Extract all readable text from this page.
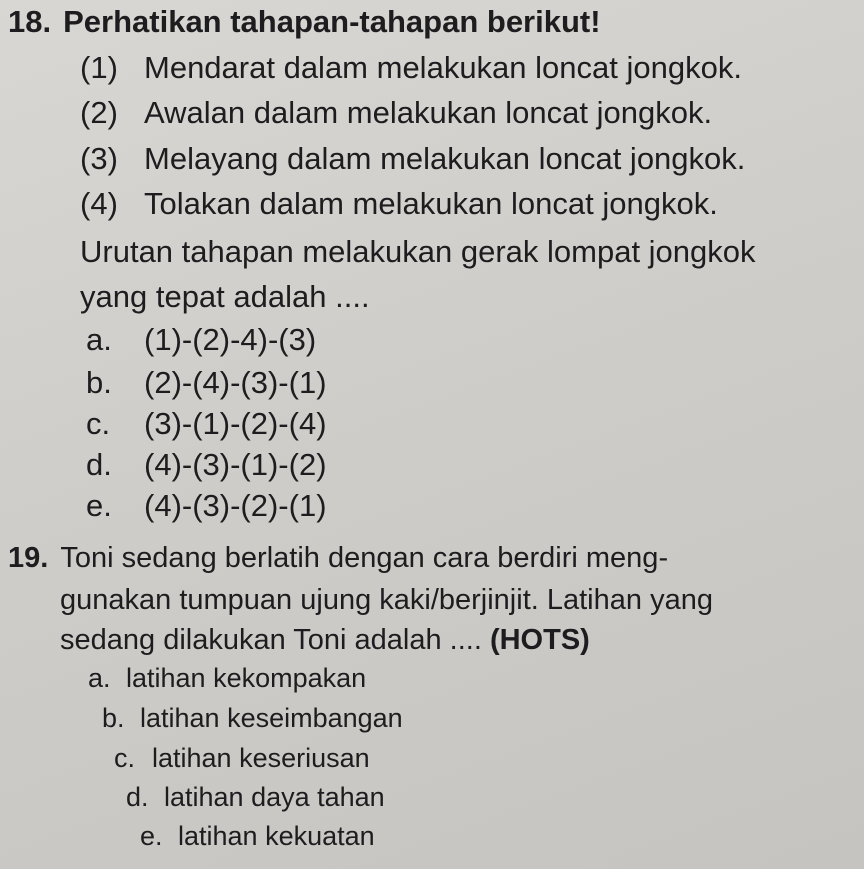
18. Perhatikan tahapan-tahapan berikut!
(1) Mendarat dalam melakukan loncat jongkok.
(2) Awalan dalam melakukan loncat jongkok.
(3) Melayang dalam melakukan loncat jongkok.
(4) Tolakan dalam melakukan loncat jongkok.
Urutan tahapan melakukan gerak lompat jongkok
yang tepat adalah ....
a. (1)-(2)-4)-(3)
b. (2)-(4)-(3)-(1)
c. (3)-(1)-(2)-(4)
d. (4)-(3)-(1)-(2)
e. (4)-(3)-(2)-(1)
19. Toni sedang berlatih dengan cara berdiri meng-
gunakan tumpuan ujung kaki/berjinjit. Latihan yang
sedang dilakukan Toni adalah .... (HOTS)
a. latihan kekompakan
b. latihan keseimbangan
c. latihan keseriusan
d. latihan daya tahan
e. latihan kekuatan
